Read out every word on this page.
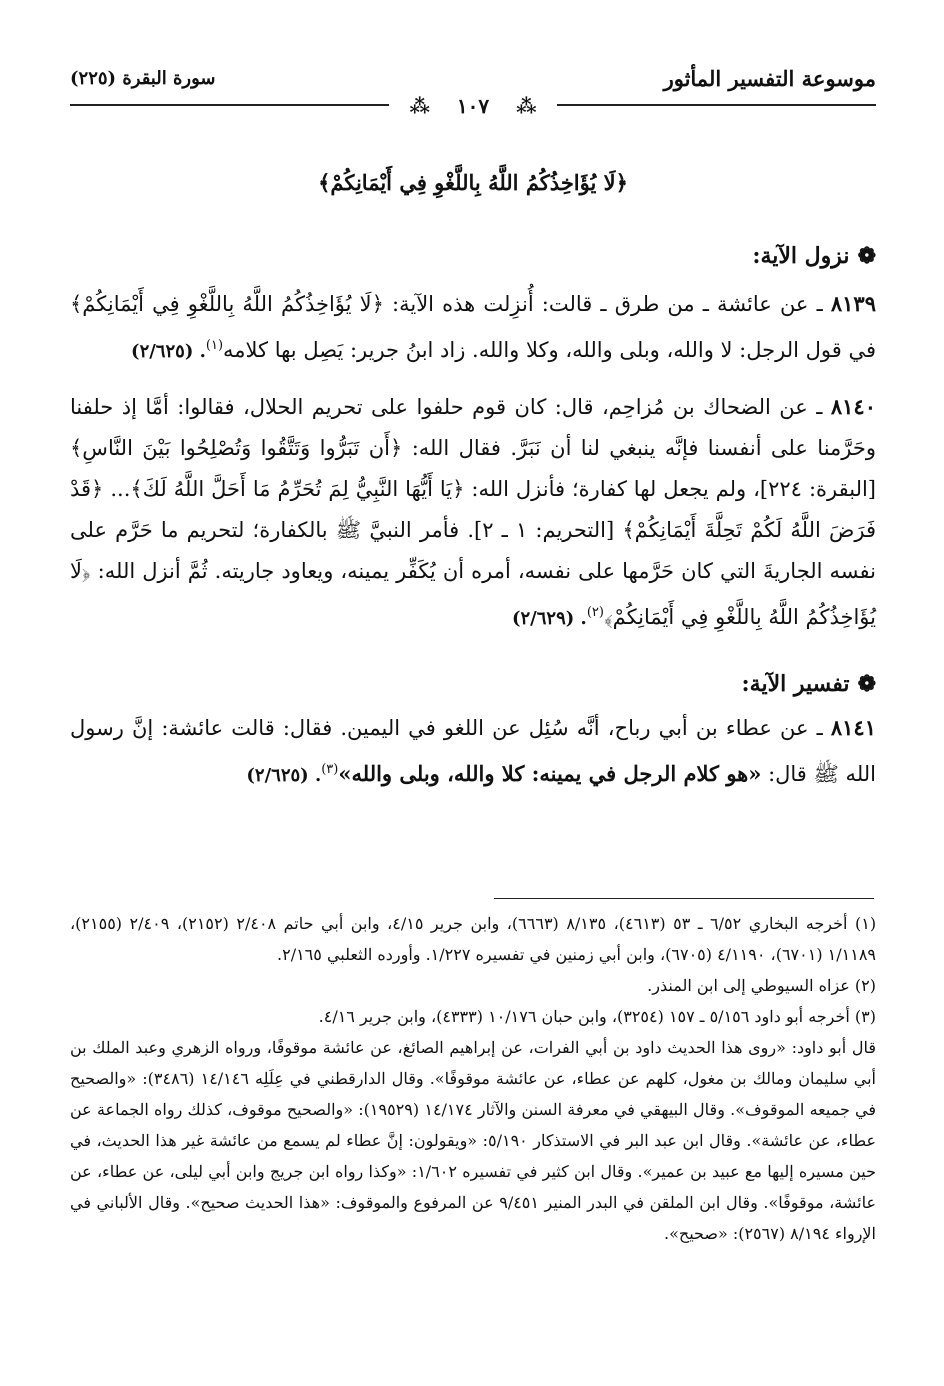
موسوعة التفسير المأثور
سورة البقرة (٢٢٥)
⁂ ١٠٧ ⁂
﴿لَا يُؤَاخِذُكُمُ اللَّهُ بِاللَّغْوِ فِي أَيْمَانِكُمْ﴾
❁نزول الآية:
٨١٣٩ ـ عن عائشة ـ من طرق ـ قالت: أُنزِلت هذه الآية: ﴿لَا يُؤَاخِذُكُمُ اللَّهُ بِاللَّغْوِ فِي أَيْمَانِكُمْ﴾ في قول الرجل: لا والله، وبلى والله، وكلا والله. زاد ابنُ جرير: يَصِل بها كلامه$^{(١)}$. (٢/٦٢٥)
٨١٤٠ ـ عن الضحاك بن مُزاحِم، قال: كان قوم حلفوا على تحريم الحلال، فقالوا: أمَّا إذ حلفنا وحَرَّمنا على أنفسنا فإنَّه ينبغي لنا أن نَبَرَّ. فقال الله: ﴿أَن تَبَرُّوا وَتَتَّقُوا وَتُصْلِحُوا بَيْنَ النَّاسِ﴾ [البقرة: ٢٢٤]، ولم يجعل لها كفارة؛ فأنزل الله: ﴿يَا أَيُّهَا النَّبِيُّ لِمَ تُحَرِّمُ مَا أَحَلَّ اللَّهُ لَكَ﴾... ﴿قَدْ فَرَضَ اللَّهُ لَكُمْ تَحِلَّةَ أَيْمَانِكُمْ﴾ [التحريم: ١ ـ ٢]. فأمر النبيَّ ﷺ بالكفارة؛ لتحريم ما حَرَّم على نفسه الجاريةَ التي كان حَرَّمها على نفسه، أمره أن يُكَفِّر يمينه، ويعاود جاريته. ثُمَّ أنزل الله: ﴿لَا يُؤَاخِذُكُمُ اللَّهُ بِاللَّغْوِ فِي أَيْمَانِكُمْ﴾$^{(٢)}$. (٢/٦٢٩)
❁تفسير الآية:
٨١٤١ ـ عن عطاء بن أبي رباح، أنَّه سُئِل عن اللغو في اليمين. فقال: قالت عائشة: إنَّ رسول الله ﷺ قال: «هو كلام الرجل في يمينه: كلا والله، وبلى والله»$^{(٣)}$. (٢/٦٢٥)

(١) أخرجه البخاري ٦/٥٢ ـ ٥٣ (٤٦١٣)، ٨/١٣٥ (٦٦٦٣)، وابن جرير ٤/١٥، وابن أبي حاتم ٢/٤٠٨ (٢١٥٢)، ٢/٤٠٩ (٢١٥٥)، ١/١١٨٩ (٦٧٠١)، ٤/١١٩٠ (٦٧٠٥)، وابن أبي زمنين في تفسيره ١/٢٢٧. وأورده الثعلبي ٢/١٦٥.

(٢) عزاه السيوطي إلى ابن المنذر.

(٣) أخرجه أبو داود ٥/١٥٦ ـ ١٥٧ (٣٢٥٤)، وابن حبان ١٠/١٧٦ (٤٣٣٣)، وابن جرير ٤/١٦.

قال أبو داود: «روى هذا الحديث داود بن أبي الفرات، عن إبراهيم الصائغ، عن عائشة موقوفًا، ورواه الزهري وعبد الملك بن أبي سليمان ومالك بن مغول، كلهم عن عطاء، عن عائشة موقوفًا». وقال الدارقطني في عِلَلِه ١٤/١٤٦ (٣٤٨٦): «والصحيح في جميعه الموقوف». وقال البيهقي في معرفة السنن والآثار ١٤/١٧٤ (١٩٥٢٩): «والصحيح موقوف، كذلك رواه الجماعة عن عطاء، عن عائشة». وقال ابن عبد البر في الاستذكار ٥/١٩٠: «ويقولون: إنَّ عطاء لم يسمع من عائشة غير هذا الحديث، في حين مسيره إليها مع عبيد بن عمير». وقال ابن كثير في تفسيره ١/٦٠٢: «وكذا رواه ابن جريج وابن أبي ليلى، عن عطاء، عن عائشة، موقوفًا». وقال ابن الملقن في البدر المنير ٩/٤٥١ عن المرفوع والموقوف: «هذا الحديث صحيح». وقال الألباني في الإرواء ٨/١٩٤ (٢٥٦٧): «صحيح».
